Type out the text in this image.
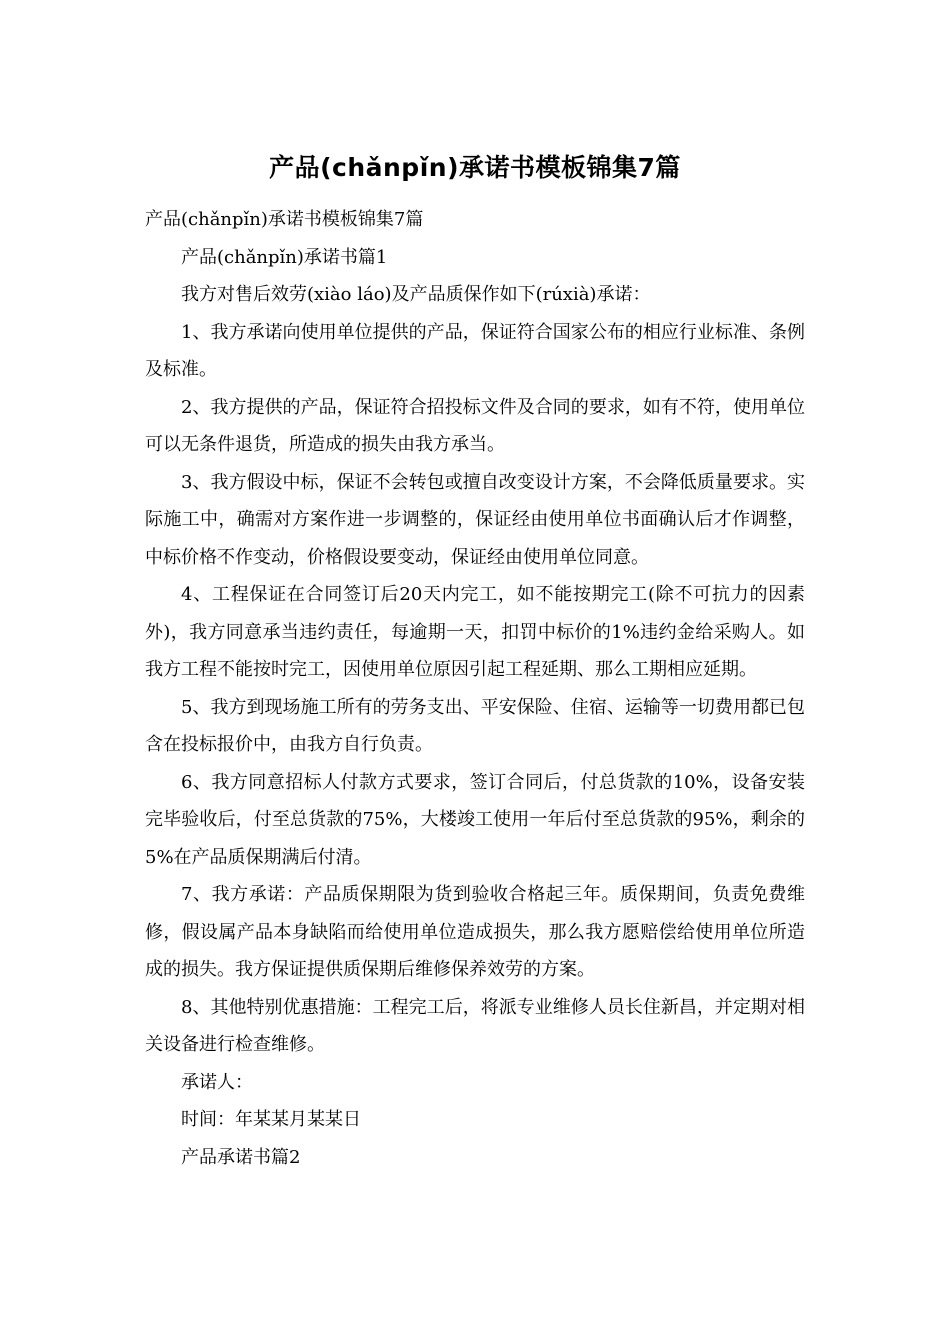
产品(chǎnpǐn)承诺书模板锦集7篇

产品(chǎnpǐn)承诺书模板锦集7篇

产品(chǎnpǐn)承诺书篇1

我方对售后效劳(xiào láo)及产品质保作如下(rúxià)承诺：

1、我方承诺向使用单位提供的产品，保证符合国家公布的相应行业标准、条例及标准。

2、我方提供的产品，保证符合招投标文件及合同的要求，如有不符，使用单位可以无条件退货，所造成的损失由我方承当。

3、我方假设中标，保证不会转包或擅自改变设计方案，不会降低质量要求。实际施工中，确需对方案作进一步调整的，保证经由使用单位书面确认后才作调整，中标价格不作变动，价格假设要变动，保证经由使用单位同意。

4、工程保证在合同签订后20天内完工，如不能按期完工(除不可抗力的因素外)，我方同意承当违约责任，每逾期一天，扣罚中标价的1%违约金给采购人。如我方工程不能按时完工，因使用单位原因引起工程延期、那么工期相应延期。

5、我方到现场施工所有的劳务支出、平安保险、住宿、运输等一切费用都已包含在投标报价中，由我方自行负责。

6、我方同意招标人付款方式要求，签订合同后，付总货款的10%，设备安装完毕验收后，付至总货款的75%，大楼竣工使用一年后付至总货款的95%，剩余的5%在产品质保期满后付清。

7、我方承诺：产品质保期限为货到验收合格起三年。质保期间，负责免费维修，假设属产品本身缺陷而给使用单位造成损失，那么我方愿赔偿给使用单位所造成的损失。我方保证提供质保期后维修保养效劳的方案。

8、其他特别优惠措施：工程完工后，将派专业维修人员长住新昌，并定期对相关设备进行检查维修。

承诺人：

时间：年某某月某某日

产品承诺书篇2
